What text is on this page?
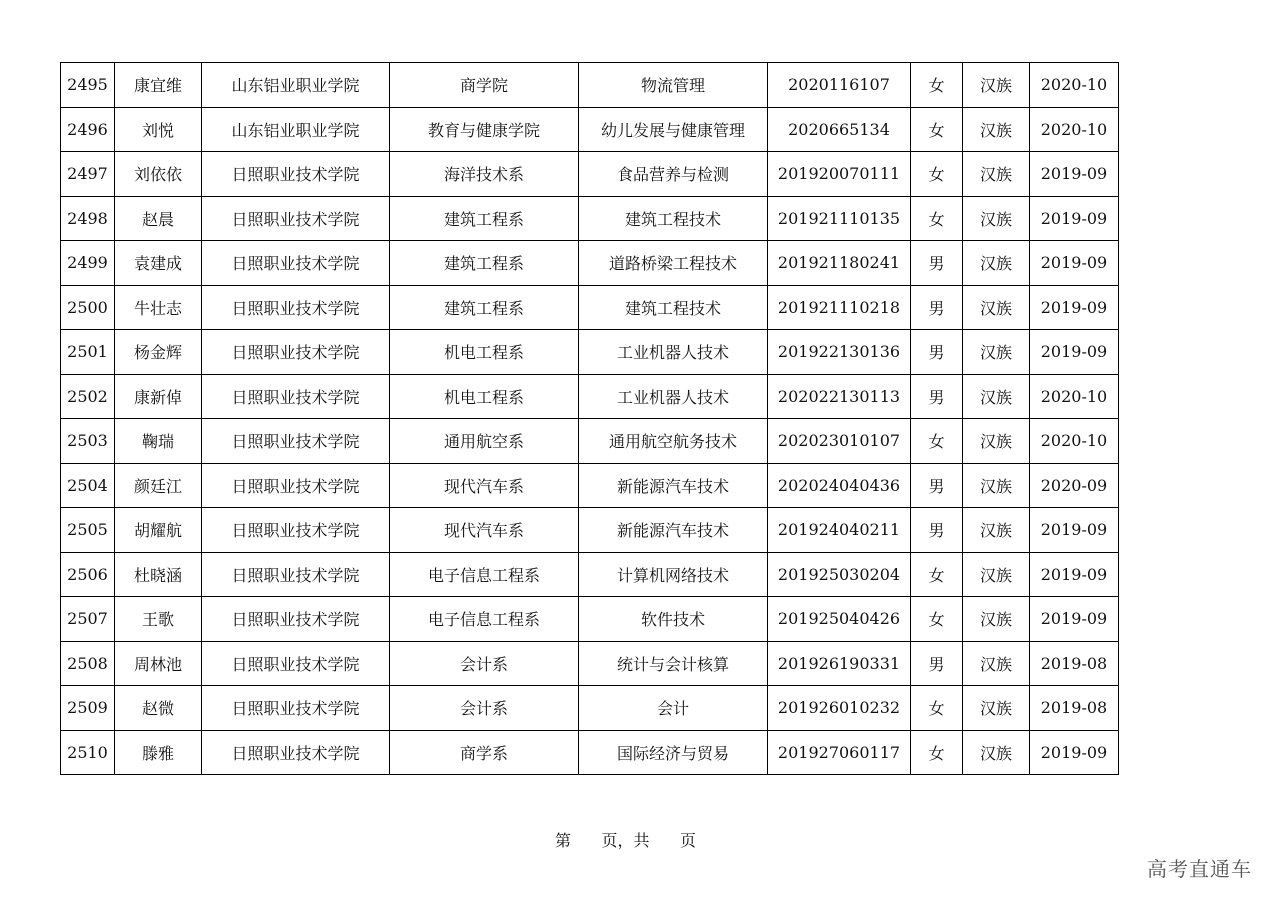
2495	康宜维	山东铝业职业学院	商学院	物流管理	2020116107	女	汉族	2020-10
2496	刘悦	山东铝业职业学院	教育与健康学院	幼儿发展与健康管理	2020665134	女	汉族	2020-10
2497	刘依依	日照职业技术学院	海洋技术系	食品营养与检测	201920070111	女	汉族	2019-09
2498	赵晨	日照职业技术学院	建筑工程系	建筑工程技术	201921110135	女	汉族	2019-09
2499	袁建成	日照职业技术学院	建筑工程系	道路桥梁工程技术	201921180241	男	汉族	2019-09
2500	牛壮志	日照职业技术学院	建筑工程系	建筑工程技术	201921110218	男	汉族	2019-09
2501	杨金辉	日照职业技术学院	机电工程系	工业机器人技术	201922130136	男	汉族	2019-09
2502	康新倬	日照职业技术学院	机电工程系	工业机器人技术	202022130113	男	汉族	2020-10
2503	鞠瑞	日照职业技术学院	通用航空系	通用航空航务技术	202023010107	女	汉族	2020-10
2504	颜廷江	日照职业技术学院	现代汽车系	新能源汽车技术	202024040436	男	汉族	2020-09
2505	胡耀航	日照职业技术学院	现代汽车系	新能源汽车技术	201924040211	男	汉族	2019-09
2506	杜晓涵	日照职业技术学院	电子信息工程系	计算机网络技术	201925030204	女	汉族	2019-09
2507	王歌	日照职业技术学院	电子信息工程系	软件技术	201925040426	女	汉族	2019-09
2508	周林池	日照职业技术学院	会计系	统计与会计核算	201926190331	男	汉族	2019-08
2509	赵微	日照职业技术学院	会计系	会计	201926010232	女	汉族	2019-08
2510	滕雅	日照职业技术学院	商学系	国际经济与贸易	201927060117	女	汉族	2019-09
第      页，共      页
高考直通车
